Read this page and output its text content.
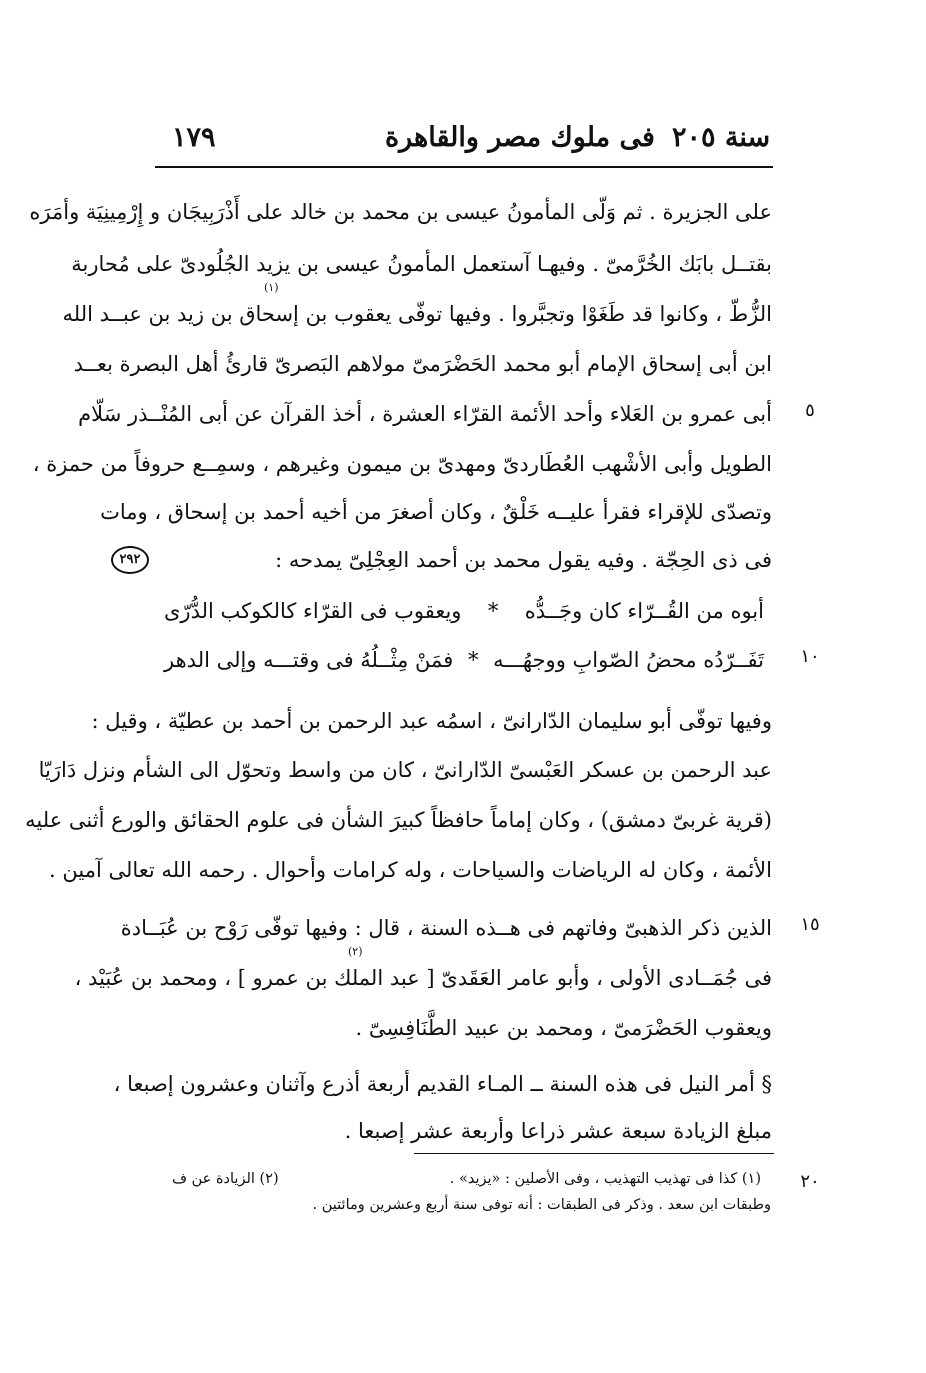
سنة ٢٠٥
فى ملوك مصر والقاهرة
١٧٩
على الجزيرة . ثم وَلّى المأمونُ عيسى بن محمد بن خالد على أَذْرَبِيجَان و إِرْمِينِيَة وأمَرَه
بقتــل بابَك الخُرَّمىّ . وفيهـا آستعمل المأمونُ عيسى بن يزيد الجُلُودىّ على مُحاربة
(١)
الزُّطّ ، وكانوا قد طَغَوْا وتجبَّروا . وفيها توفّى يعقوب بن إسحاق بن زيد بن عبــد الله
ابن أبى إسحاق الإمام أبو محمد الحَضْرَمىّ مولاهم البَصرىّ قارئُ أهل البصرة بعــد
أبى عمرو بن العَلاء وأحد الأئمة القرّاء العشرة ، أخذ القرآن عن أبى المُنْــذر سَلّام
الطويل وأبى الأشْهب العُطَاردىّ ومهدىّ بن ميمون وغيرهم ، وسمِــع حروفاً من حمزة ،
وتصدّى للإقراء فقرأ عليــه خَلْقٌ ، وكان أصغرَ من أخيه أحمد بن إسحاق ، ومات
فى ذى الحِجّة . وفيه يقول محمد بن أحمد العِجْلِىّ يمدحه :
أبوه من القُــرّاء كان وجَــدُّه
*
ويعقوب فى القرّاء كالكوكب الدُّرّى
تَفَــرّدُه محضُ الصّوابِ ووجهُـــه
*
فمَنْ مِثْــلُهُ فى وقتـــه وإلى الدهر
وفيها توفّى أبو سليمان الدّارانىّ ، اسمُه عبد الرحمن بن أحمد بن عطيّة ، وقيل :
عبد الرحمن بن عسكر العَبْسىّ الدّارانىّ ، كان من واسط وتحوّل الى الشأم ونزل دَارَيّا
(قرية غربىّ دمشق) ، وكان إماماً حافظاً كبيرَ الشأن فى علوم الحقائق والورع أثنى عليه
الأئمة ، وكان له الرياضات والسياحات ، وله كرامات وأحوال . رحمه الله تعالى آمين .
الذين ذكر الذهبىّ وفاتهم فى هــذه السنة ، قال : وفيها توفّى رَوْح بن عُبَــادة
(٢)
فى جُمَــادى الأولى ، وأبو عامر العَقَدىّ [ عبد الملك بن عمرو ] ، ومحمد بن عُبَيْد ،
ويعقوب الحَضْرَمىّ ، ومحمد بن عبيد الطَّنَافِسِىّ .
§ أمر النيل فى هذه السنة ــ المـاء القديم أربعة أذرع وآثنان وعشرون إصبعا ،
مبلغ الزيادة سبعة عشر ذراعا وأربعة عشر إصبعا .
٥
١٠
١٥
٢٠
٢٩٢
(١) كذا فى تهذيب التهذيب ، وفى الأصلين : «يزيد» .
(٢) الزيادة عن ف
وطبقات ابن سعد . وذكر فى الطبقات : أنه توفى سنة أربع وعشرين ومائتين .
